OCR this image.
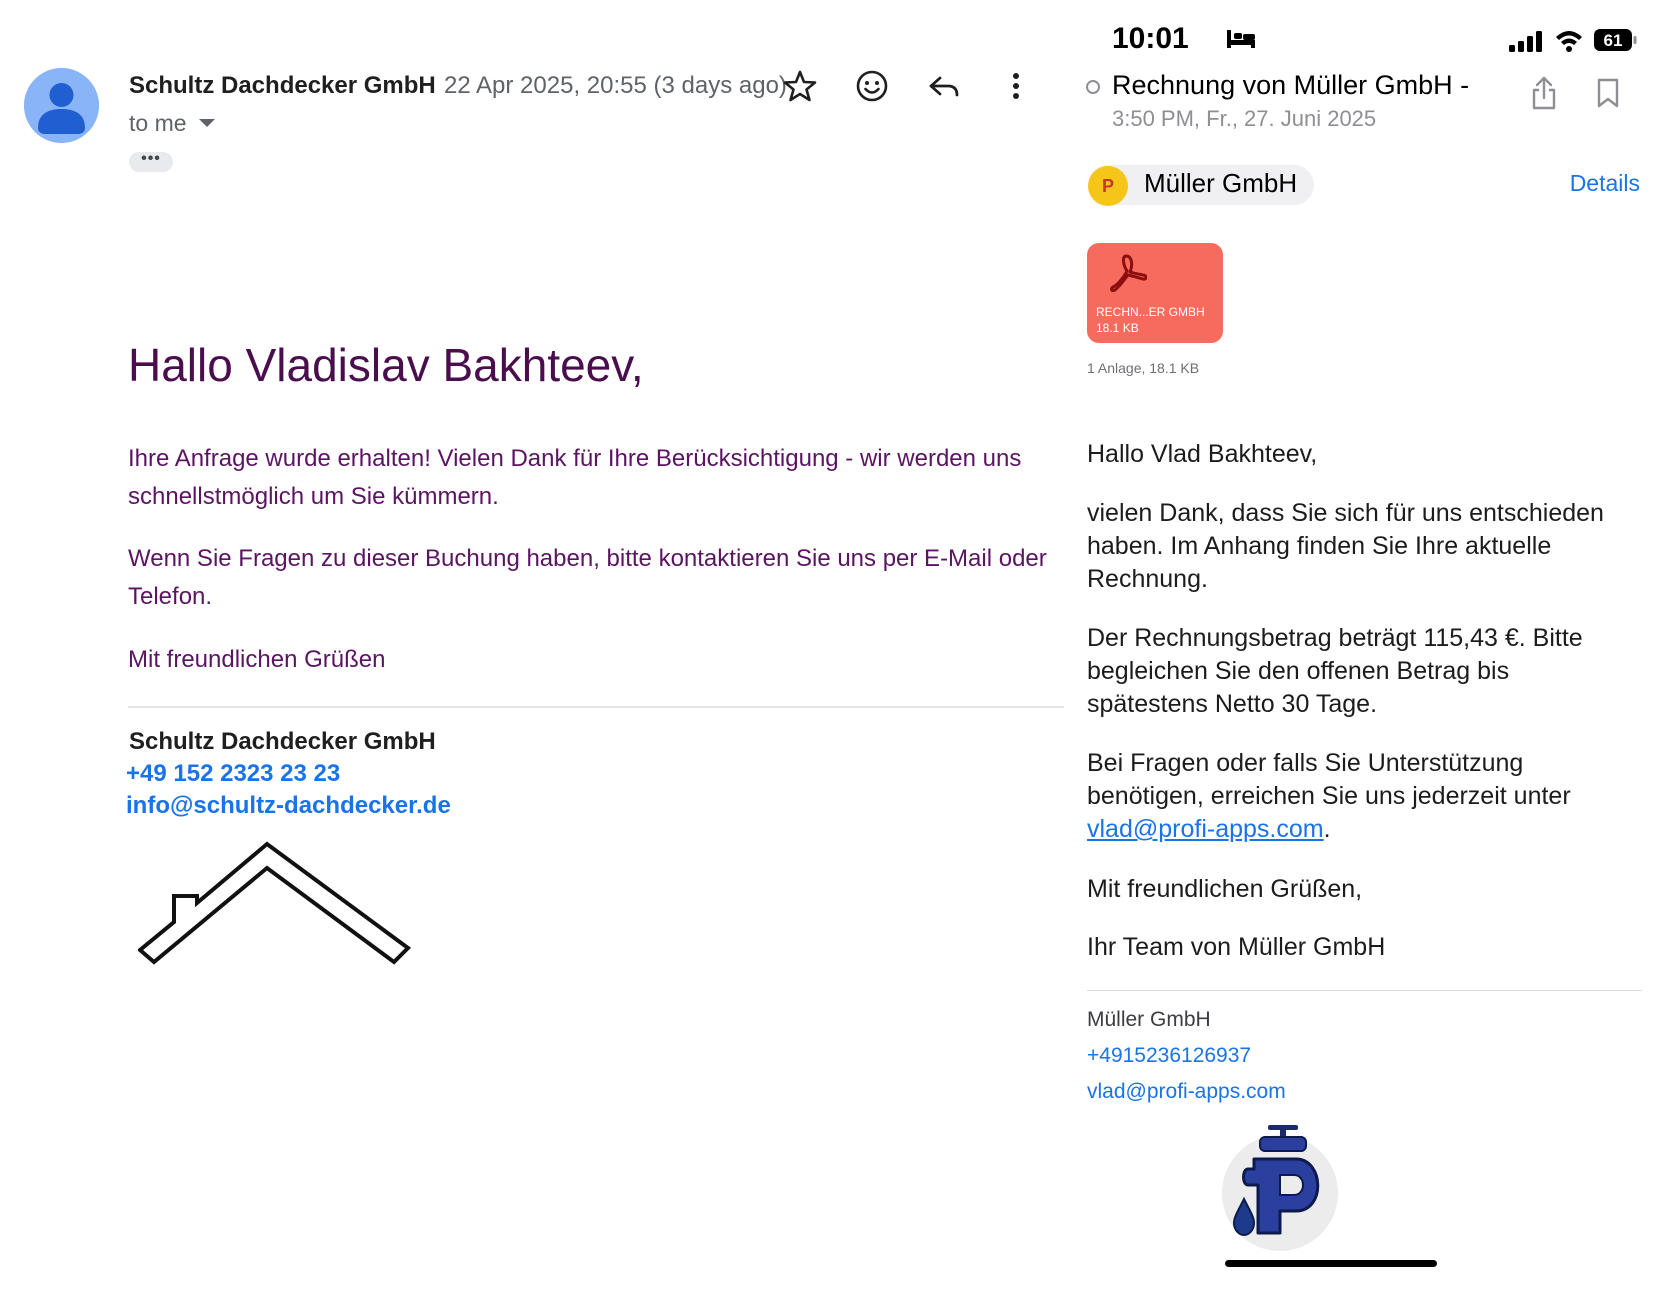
Schultz Dachdecker GmbH 22 Apr 2025, 20:55 (3 days ago)
to me
•••
Hallo Vladislav Bakhteev,
Ihre Anfrage wurde erhalten! Vielen Dank für Ihre Berücksichtigung - wir werden uns schnellstmöglich um Sie kümmern.
Wenn Sie Fragen zu dieser Buchung haben, bitte kontaktieren Sie uns per E-Mail oder Telefon.
Mit freundlichen Grüßen
Schultz Dachdecker GmbH
+49 152 2323 23 23
info@schultz-dachdecker.de
10:01	61
Rechnung von Müller GmbH -
3:50 PM, Fr., 27. Juni 2025
P	Müller GmbH	Details
RECHN...ER GMBH
18.1 KB
1 Anlage, 18.1 KB
Hallo Vlad Bakhteev,
vielen Dank, dass Sie sich für uns entschieden haben. Im Anhang finden Sie Ihre aktuelle Rechnung.
Der Rechnungsbetrag beträgt 115,43 €. Bitte begleichen Sie den offenen Betrag bis spätestens Netto 30 Tage.
Bei Fragen oder falls Sie Unterstützung benötigen, erreichen Sie uns jederzeit unter vlad@profi-apps.com.
Mit freundlichen Grüßen,
Ihr Team von Müller GmbH
Müller GmbH
+4915236126937
vlad@profi-apps.com
